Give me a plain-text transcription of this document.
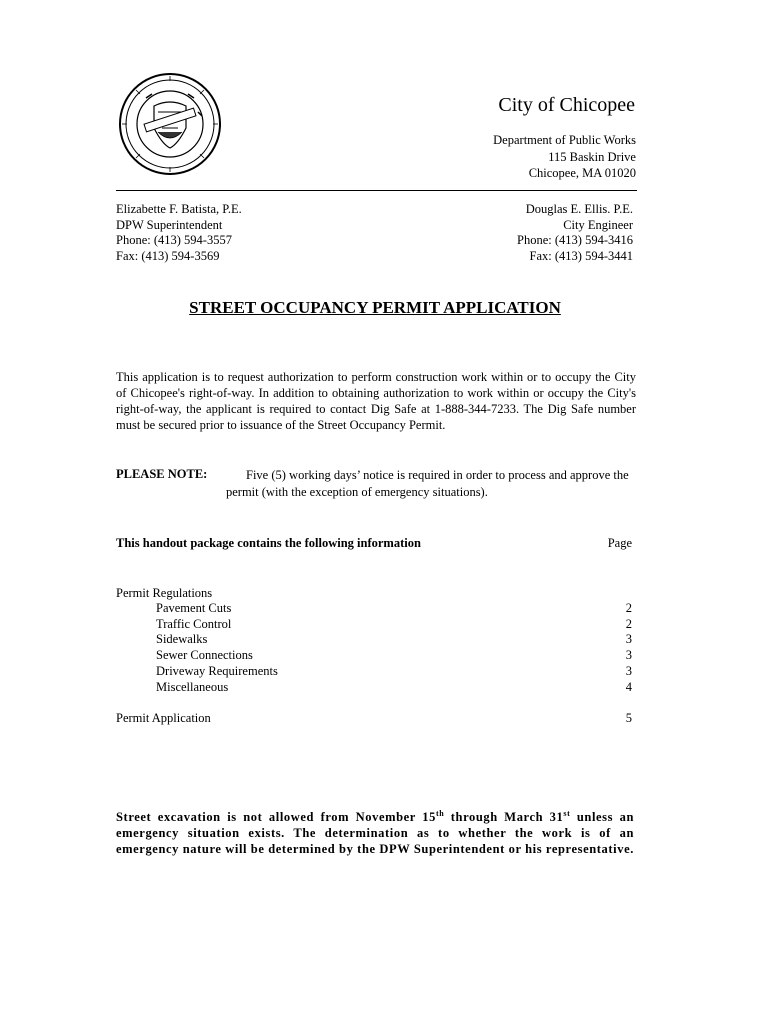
City of Chicopee
Department of Public Works
115 Baskin Drive
Chicopee, MA 01020
Elizabette F. Batista, P.E.
DPW Superintendent
Phone: (413) 594-3557
Fax: (413) 594-3569
Douglas E. Ellis. P.E.
City Engineer
Phone: (413) 594-3416
Fax: (413) 594-3441
STREET OCCUPANCY PERMIT APPLICATION
This application is to request authorization to perform construction work within or to occupy the City of Chicopee's right-of-way. In addition to obtaining authorization to work within or occupy the City's right-of-way, the applicant is required to contact Dig Safe at 1-888-344-7233. The Dig Safe number must be secured prior to issuance of the Street Occupancy Permit.
PLEASE NOTE:	Five (5) working days’ notice is required in order to process and approve the permit (with the exception of emergency situations).
This handout package contains the following information	Page
Permit Regulations
Pavement Cuts	2
Traffic Control	2
Sidewalks	3
Sewer Connections	3
Driveway Requirements	3
Miscellaneous	4
Permit Application	5
Street excavation is not allowed from November 15th through March 31st unless an emergency situation exists. The determination as to whether the work is of an emergency nature will be determined by the DPW Superintendent or his representative.
